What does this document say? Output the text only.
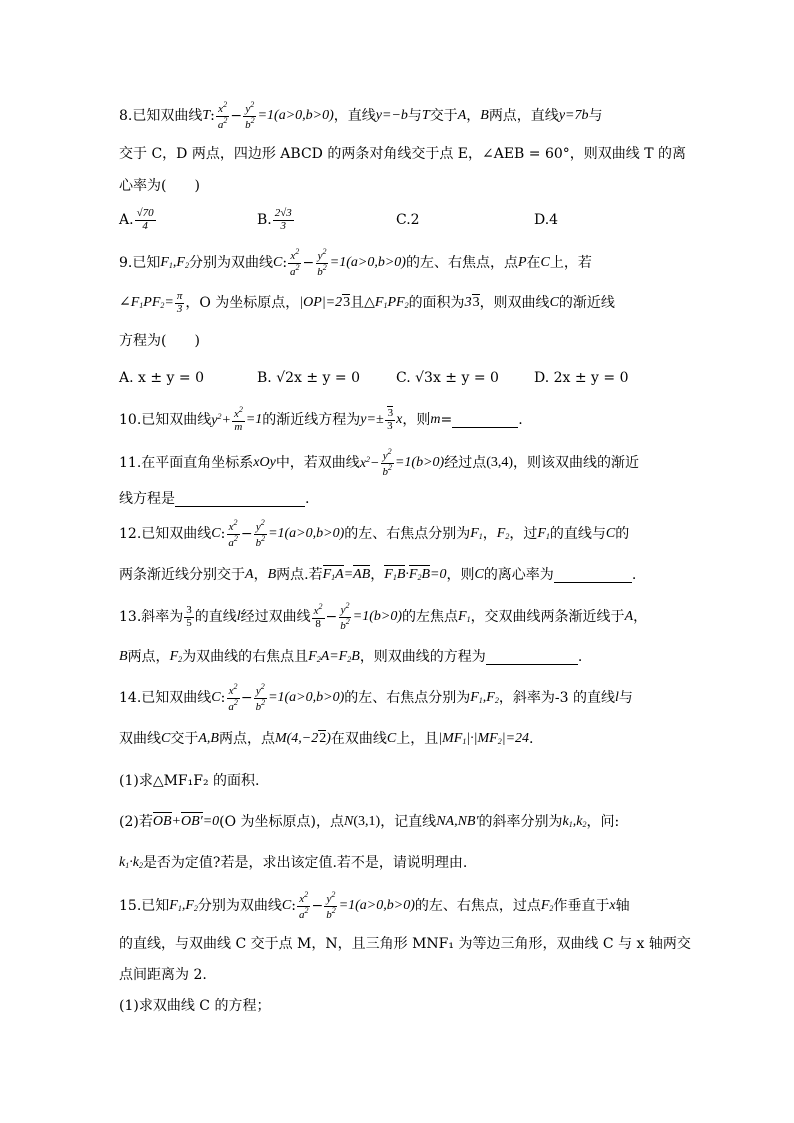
8.已知双曲线 T : $\frac{x^2}{a^2} - \frac{y^2}{b^2} =1(a>0,b>0)$ ，直线 y=−b 与 T 交于 A ， B 两点，直线 y=7b 与
交于 C，D 两点，四边形 ABCD 的两条对角线交于点 E，∠AEB = 60°，则双曲线 T 的离
心率为(　　)
A. $\frac{√70}{4}$	B. $\frac{2√3}{3}$	C.2	D.4
9.已知 $F_1,F_2$ 分别为双曲线 C : $\frac{x^2}{a^2} - \frac{y^2}{b^2} =1(a>0,b>0)$ 的左、右焦点，点 P 在 C 上，若
$\angle F_1PF_2= \frac{\pi}{3}$ ，O 为坐标原点， |OP|=23 且 $\triangle F_1PF_2$ 的面积为 33 ，则双曲线 C 的渐近线
方程为(　　)
A. x ± y = 0	B. √2x ± y = 0	C. √3x ± y = 0	D. 2x ± y = 0
10.已知双曲线 $y^2+ \frac{x^2}{m} =1$ 的渐近线方程为 $y=\pm \frac{3}{3}$ x ，则 m =	.
11.在平面直角坐标系 xOy 中，若双曲线 $x^2- \frac{y^2}{b^2} =1(b>0)$ 经过点 (3,4) ，则该双曲线的渐近
线方程是	.
12.已知双曲线 C : $\frac{x^2}{a^2} - \frac{y^2}{b^2} =1(a>0,b>0)$ 的左、右焦点分别为 $F_1$ ， $F_2$ ，过 $F_1$ 的直线与 C 的
两条渐近线分别交于 A ， B 两点.若 $F_1A=AB$ ， $F_1B\cdot F_2B=0$ ，则 C 的离心率为	.
13.斜率为 $\frac{3}{5}$ 的直线 l 经过双曲线 $\frac{x^2}{8} - \frac{y^2}{b^2} =1(b>0)$ 的左焦点 $F_1$ ，交双曲线两条渐近线于 A ，
B 两点， $F_2$ 为双曲线的右焦点且 $F_2A=F_2B$ ，则双曲线的方程为	.
14.已知双曲线 C : $\frac{x^2}{a^2} - \frac{y^2}{b^2} =1(a>0,b>0)$ 的左、右焦点分别为 $F_1,F_2$ ，斜率为-3 的直线 l 与
双曲线 C 交于 A,B 两点，点 M(4,−22) 在双曲线 C 上，且 $|MF_1|\cdot|MF_2|=24$ .
(1)求△MF₁F₂ 的面积.
(2)若 OB+OB′=0 (O 为坐标原点)，点 N(3,1) ，记直线 NA,NB′ 的斜率分别为 $k_1,k_2$ ，问:
$k_1\cdot k_2$ 是否为定值?若是，求出该定值.若不是，请说明理由.
15.已知 $F_1,F_2$ 分别为双曲线 C : $\frac{x^2}{a^2} - \frac{y^2}{b^2} =1(a>0,b>0)$ 的左、右焦点，过点 $F_2$ 作垂直于 x 轴
的直线，与双曲线 C 交于点 M，N，且三角形 MNF₁ 为等边三角形，双曲线 C 与 x 轴两交
点间距离为 2.
(1)求双曲线 C 的方程；
